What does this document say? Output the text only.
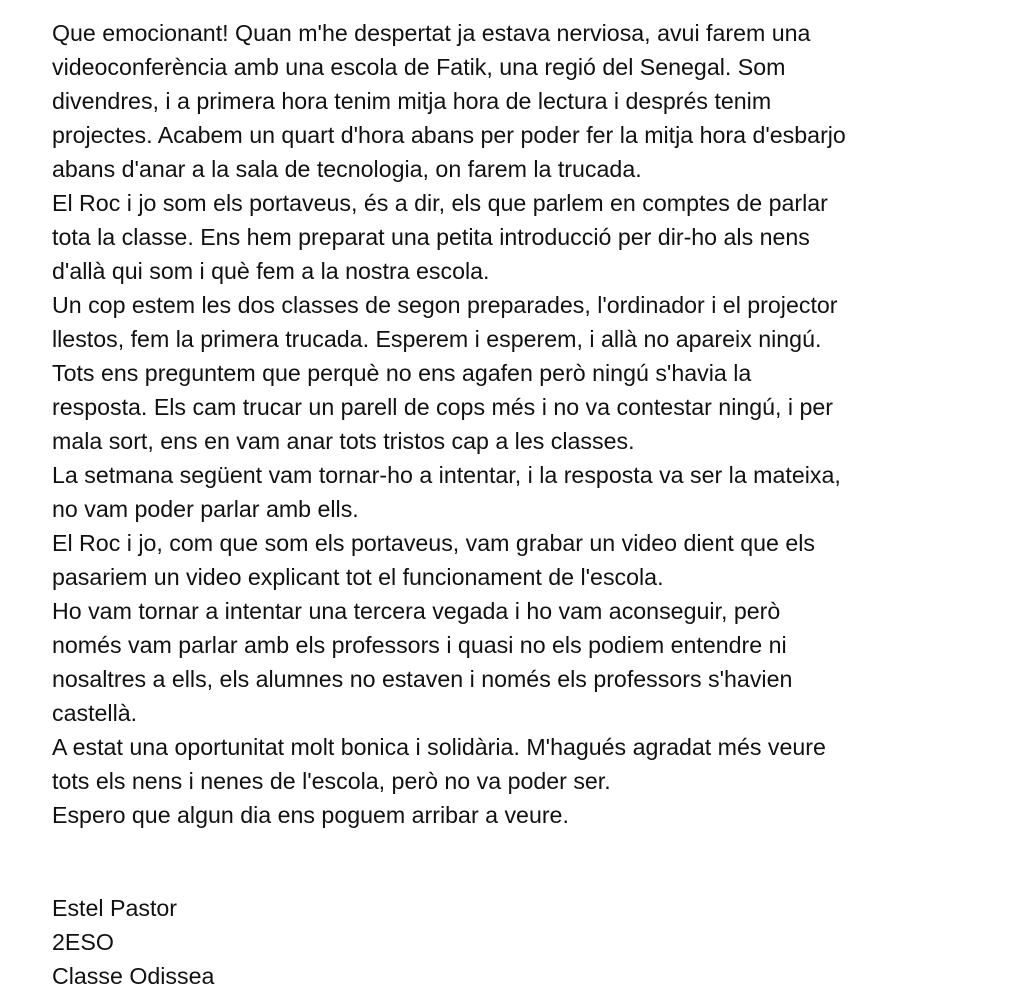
Que emocionant! Quan m'he despertat ja estava nerviosa, avui farem una
videoconferència amb una escola de Fatik, una regió del Senegal. Som
divendres, i a primera hora tenim mitja hora de lectura i després tenim
projectes. Acabem un quart d'hora abans per poder fer la mitja hora d'esbarjo
abans d'anar a la sala de tecnologia, on farem la trucada.

El Roc i jo som els portaveus, és a dir, els que parlem en comptes de parlar
tota la classe. Ens hem preparat una petita introducció per dir-ho als nens
d'allà qui som i què fem a la nostra escola.

Un cop estem les dos classes de segon preparades, l'ordinador i el projector
llestos, fem la primera trucada. Esperem i esperem, i allà no apareix ningú.
Tots ens preguntem que perquè no ens agafen però ningú s'havia la
resposta. Els cam trucar un parell de cops més i no va contestar ningú, i per
mala sort, ens en vam anar tots tristos cap a les classes.

La setmana següent vam tornar-ho a intentar, i la resposta va ser la mateixa,
no vam poder parlar amb ells.

El Roc i jo, com que som els portaveus, vam grabar un video dient que els
pasariem un video explicant tot el funcionament de l'escola.

Ho vam tornar a intentar una tercera vegada i ho vam aconseguir, però
només vam parlar amb els professors i quasi no els podiem entendre ni
nosaltres a ells, els alumnes no estaven i només els professors s'havien
castellà.

A estat una oportunitat molt bonica i solidària. M'hagués agradat més veure
tots els nens i nenes de l'escola, però no va poder ser.

Espero que algun dia ens poguem arribar a veure.

Estel Pastor
2ESO
Classe Odissea
